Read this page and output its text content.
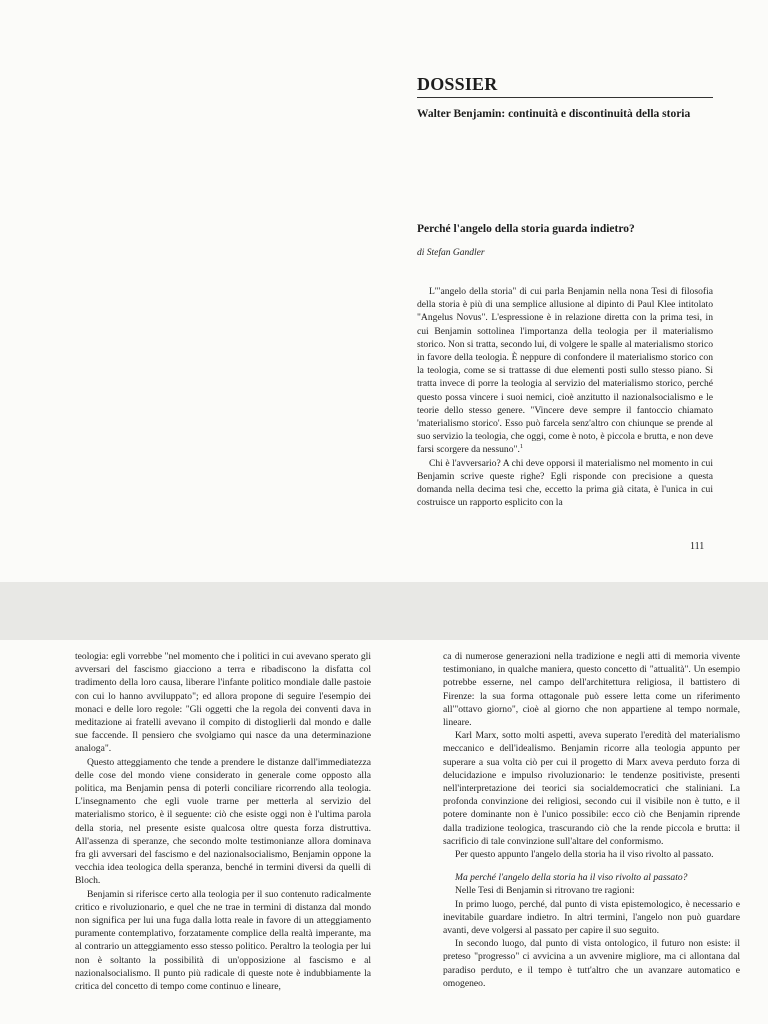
DOSSIER
Walter Benjamin: continuità e discontinuità della storia
Perché l'angelo della storia guarda indietro?
di Stefan Gandler

L'"angelo della storia" di cui parla Benjamin nella nona Tesi di filosofia della storia è più di una semplice allusione al dipinto di Paul Klee intitolato "Angelus Novus". L'espressione è in relazione diretta con la prima tesi, in cui Benjamin sottolinea l'importanza della teologia per il materialismo storico. Non si tratta, secondo lui, di volgere le spalle al materialismo storico in favore della teologia. È neppure di confondere il materialismo storico con la teologia, come se si trattasse di due elementi posti sullo stesso piano. Si tratta invece di porre la teologia al servizio del materialismo storico, perché questo possa vincere i suoi nemici, cioè anzitutto il nazionalsocialismo e le teorie dello stesso genere. "Vincere deve sempre il fantoccio chiamato 'materialismo storico'. Esso può farcela senz'altro con chiunque se prende al suo servizio la teologia, che oggi, come è noto, è piccola e brutta, e non deve farsi scorgere da nessuno".$^1$

Chi è l'avversario? A chi deve opporsi il materialismo nel momento in cui Benjamin scrive queste righe? Egli risponde con precisione a questa domanda nella decima tesi che, eccetto la prima già citata, è l'unica in cui costruisce un rapporto esplicito con la

111

teologia: egli vorrebbe "nel momento che i politici in cui avevano sperato gli avversari del fascismo giacciono a terra e ribadiscono la disfatta col tradimento della loro causa, liberare l'infante politico mondiale dalle pastoie con cui lo hanno avviluppato"; ed allora propone di seguire l'esempio dei monaci e delle loro regole: "Gli oggetti che la regola dei conventi dava in meditazione ai fratelli avevano il compito di distoglierli dal mondo e dalle sue faccende. Il pensiero che svolgiamo qui nasce da una determinazione analoga".

Questo atteggiamento che tende a prendere le distanze dall'immediatezza delle cose del mondo viene considerato in generale come opposto alla politica, ma Benjamin pensa di poterli conciliare ricorrendo alla teologia. L'insegnamento che egli vuole trarne per metterla al servizio del materialismo storico, è il seguente: ciò che esiste oggi non è l'ultima parola della storia, nel presente esiste qualcosa oltre questa forza distruttiva. All'assenza di speranze, che secondo molte testimonianze allora dominava fra gli avversari del fascismo e del nazionalsocialismo, Benjamin oppone la vecchia idea teologica della speranza, benché in termini diversi da quelli di Bloch.

Benjamin si riferisce certo alla teologia per il suo contenuto radicalmente critico e rivoluzionario, e quel che ne trae in termini di distanza dal mondo non significa per lui una fuga dalla lotta reale in favore di un atteggiamento puramente contemplativo, forzatamente complice della realtà imperante, ma al contrario un atteggiamento esso stesso politico. Peraltro la teologia per lui non è soltanto la possibilità di un'opposizione al fascismo e al nazionalsocialismo. Il punto più radicale di queste note è indubbiamente la critica del concetto di tempo come continuo e lineare,

ca di numerose generazioni nella tradizione e negli atti di memoria vivente testimoniano, in qualche maniera, questo concetto di "attualità". Un esempio potrebbe esserne, nel campo dell'architettura religiosa, il battistero di Firenze: la sua forma ottagonale può essere letta come un riferimento all'"ottavo giorno", cioè al giorno che non appartiene al tempo normale, lineare.

Karl Marx, sotto molti aspetti, aveva superato l'eredità del materialismo meccanico e dell'idealismo. Benjamin ricorre alla teologia appunto per superare a sua volta ciò per cui il progetto di Marx aveva perduto forza di delucidazione e impulso rivoluzionario: le tendenze positiviste, presenti nell'interpretazione dei teorici sia socialdemocratici che staliniani. La profonda convinzione dei religiosi, secondo cui il visibile non è tutto, e il potere dominante non è l'unico possibile: ecco ciò che Benjamin riprende dalla tradizione teologica, trascurando ciò che la rende piccola e brutta: il sacrificio di tale convinzione sull'altare del conformismo.

Per questo appunto l'angelo della storia ha il viso rivolto al passato.

Ma perché l'angelo della storia ha il viso rivolto al passato?

Nelle Tesi di Benjamin si ritrovano tre ragioni:

In primo luogo, perché, dal punto di vista epistemologico, è necessario e inevitabile guardare indietro. In altri termini, l'angelo non può guardare avanti, deve volgersi al passato per capire il suo seguito.

In secondo luogo, dal punto di vista ontologico, il futuro non esiste: il preteso "progresso" ci avvicina a un avvenire migliore, ma ci allontana dal paradiso perduto, e il tempo è tutt'altro che un avanzare automatico e omogeneo.
